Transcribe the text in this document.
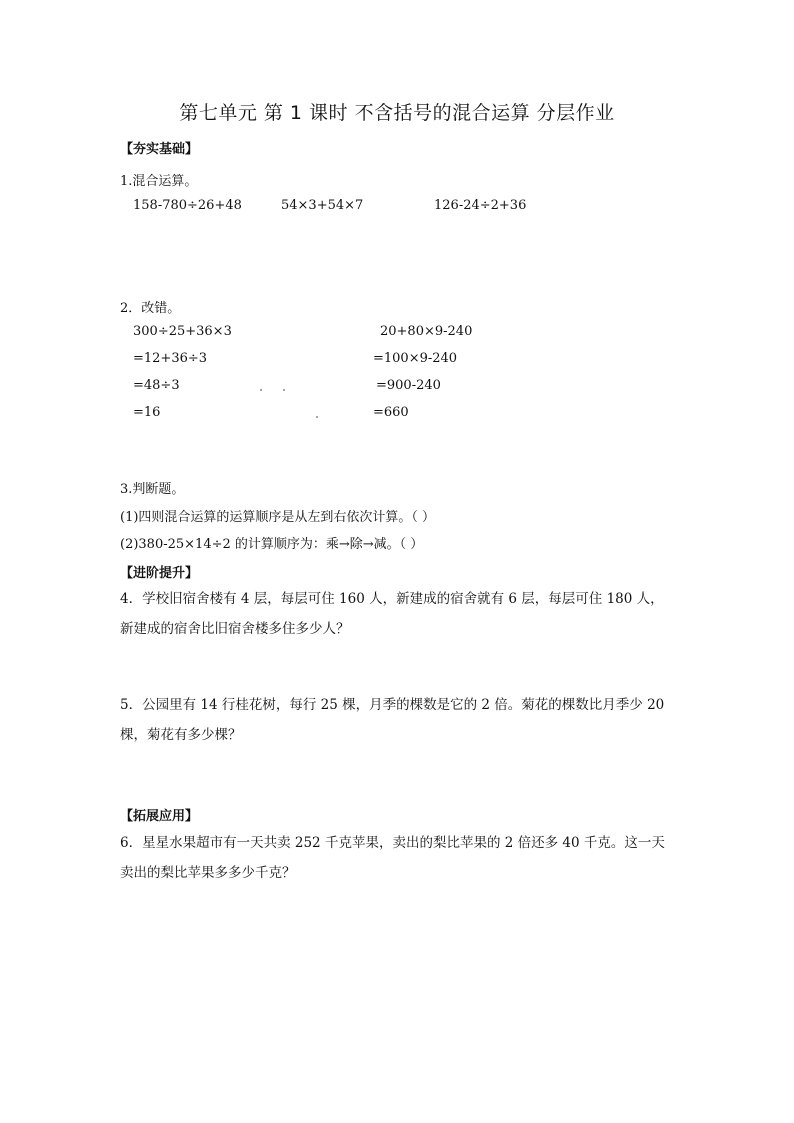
第七单元 第 1 课时 不含括号的混合运算 分层作业
【夯实基础】
1.混合运算。
158-780÷26+48	54×3+54×7	126-24÷2+36
2．改错。
300÷25+36×3
=12+36÷3
=48÷3
=16
20+80×9-240
=100×9-240
=900-240
=660
3.判断题。
(1)四则混合运算的运算顺序是从左到右依次计算。（ ）
(2)380-25×14÷2 的计算顺序为：乘→除→减。（ ）
【进阶提升】
4．学校旧宿舍楼有 4 层，每层可住 160 人，新建成的宿舍就有 6 层，每层可住 180 人，新建成的宿舍比旧宿舍楼多住多少人？
5．公园里有 14 行桂花树，每行 25 棵，月季的棵数是它的 2 倍。菊花的棵数比月季少 20 棵，菊花有多少棵？
【拓展应用】
6．星星水果超市有一天共卖 252 千克苹果，卖出的梨比苹果的 2 倍还多 40 千克。这一天卖出的梨比苹果多多少千克？
